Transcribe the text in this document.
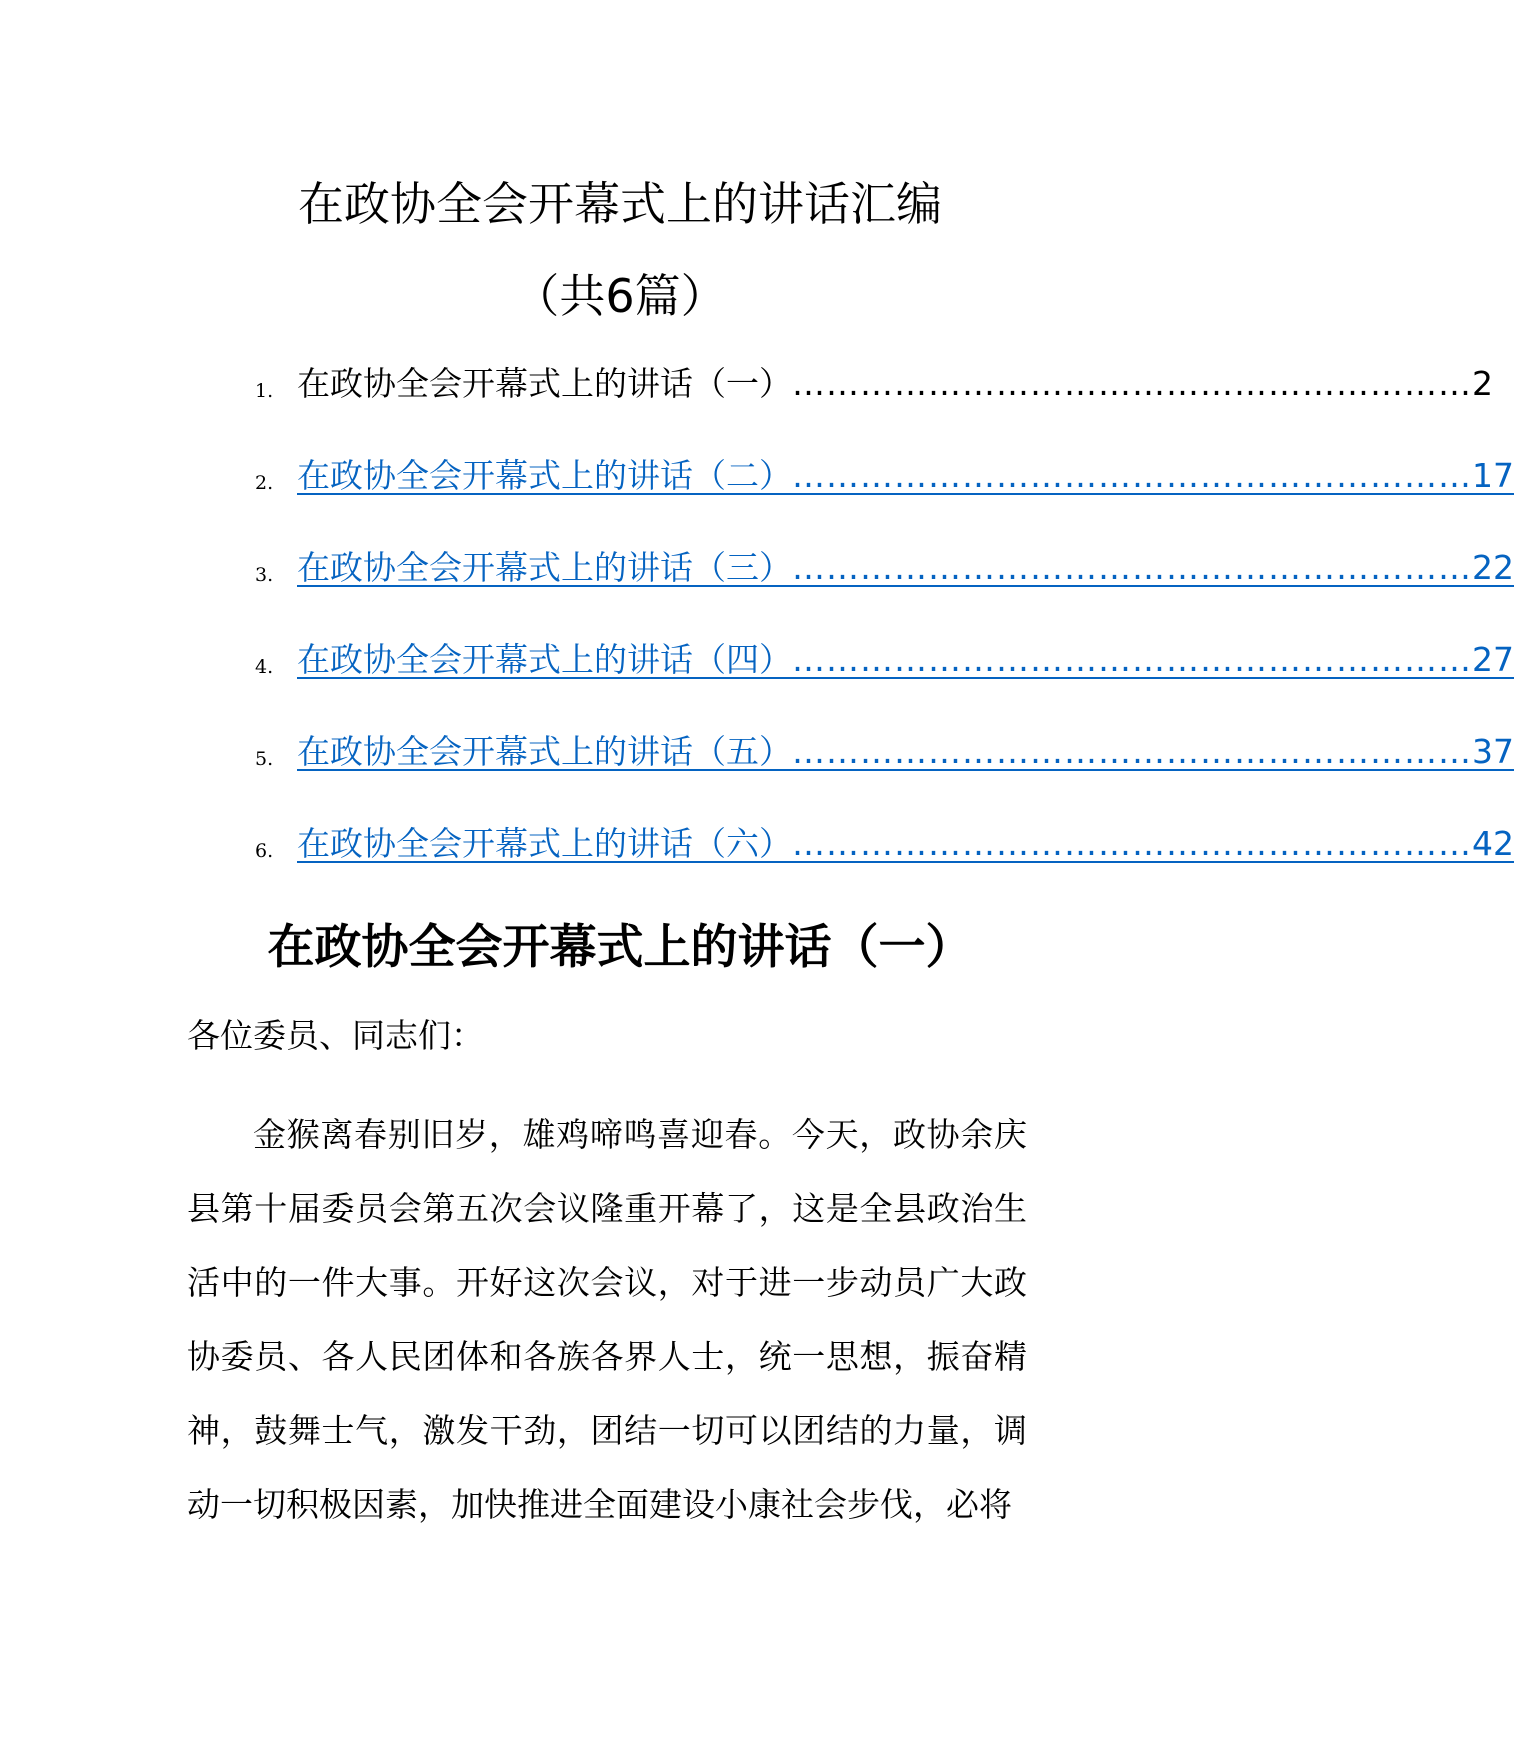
在政协全会开幕式上的讲话汇编
（共6篇）
1. 在政协全会开幕式上的讲话（一） …………………………………………………… 2
2. 在政协全会开幕式上的讲话（二） …………………………………………………… 17
3. 在政协全会开幕式上的讲话（三） …………………………………………………… 22
4. 在政协全会开幕式上的讲话（四） …………………………………………………… 27
5. 在政协全会开幕式上的讲话（五） …………………………………………………… 37
6. 在政协全会开幕式上的讲话（六） …………………………………………………… 42
在政协全会开幕式上的讲话（一）

各位委员、同志们：

金猴离春别旧岁，雄鸡啼鸣喜迎春。今天，政协余庆县第十届委员会第五次会议隆重开幕了，这是全县政治生活中的一件大事。开好这次会议，对于进一步动员广大政协委员、各人民团体和各族各界人士，统一思想，振奋精神，鼓舞士气，激发干劲，团结一切可以团结的力量，调动一切积极因素，加快推进全面建设小康社会步伐，必将
